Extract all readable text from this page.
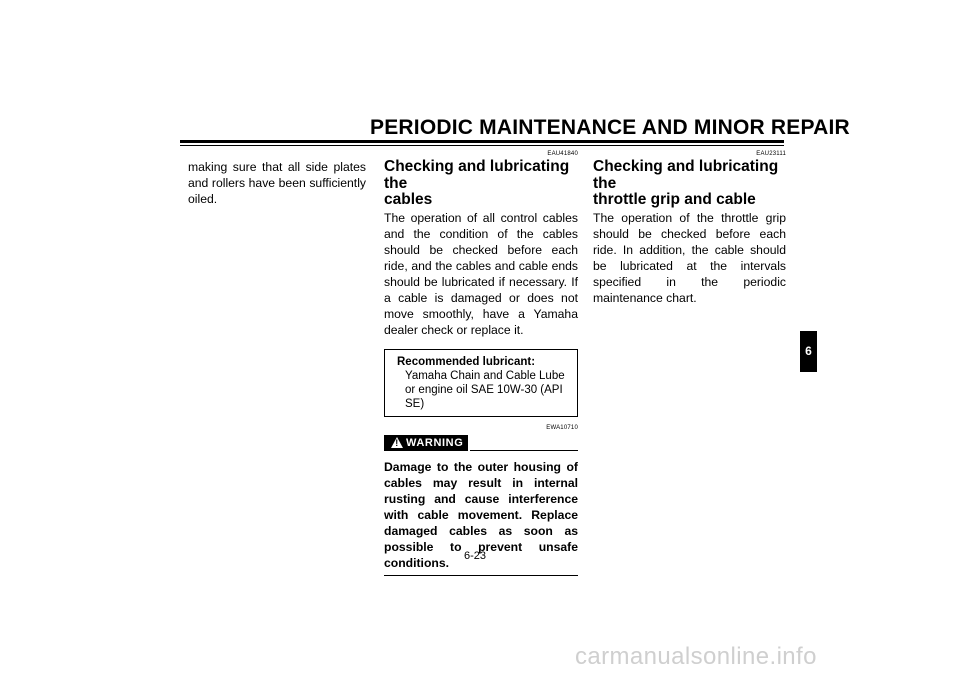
PERIODIC MAINTENANCE AND MINOR REPAIR
making sure that all side plates and rollers have been sufficiently oiled.
EAU41840
Checking and lubricating the
cables

The operation of all control cables and the condition of the cables should be checked before each ride, and the cables and cable ends should be lubricated if necessary. If a cable is damaged or does not move smoothly, have a Yamaha dealer check or replace it.

Recommended lubricant:
Yamaha Chain and Cable Lube or engine oil SAE 10W-30 (API SE)
EWA10710
! WARNING
Damage to the outer housing of cables may result in internal rusting and cause interference with cable movement. Replace damaged cables as soon as possible to prevent unsafe conditions.
EAU23111
Checking and lubricating the
throttle grip and cable

The operation of the throttle grip should be checked before each ride. In addition, the cable should be lubricated at the intervals specified in the periodic maintenance chart.

6
6-23
carmanualsonline.info
